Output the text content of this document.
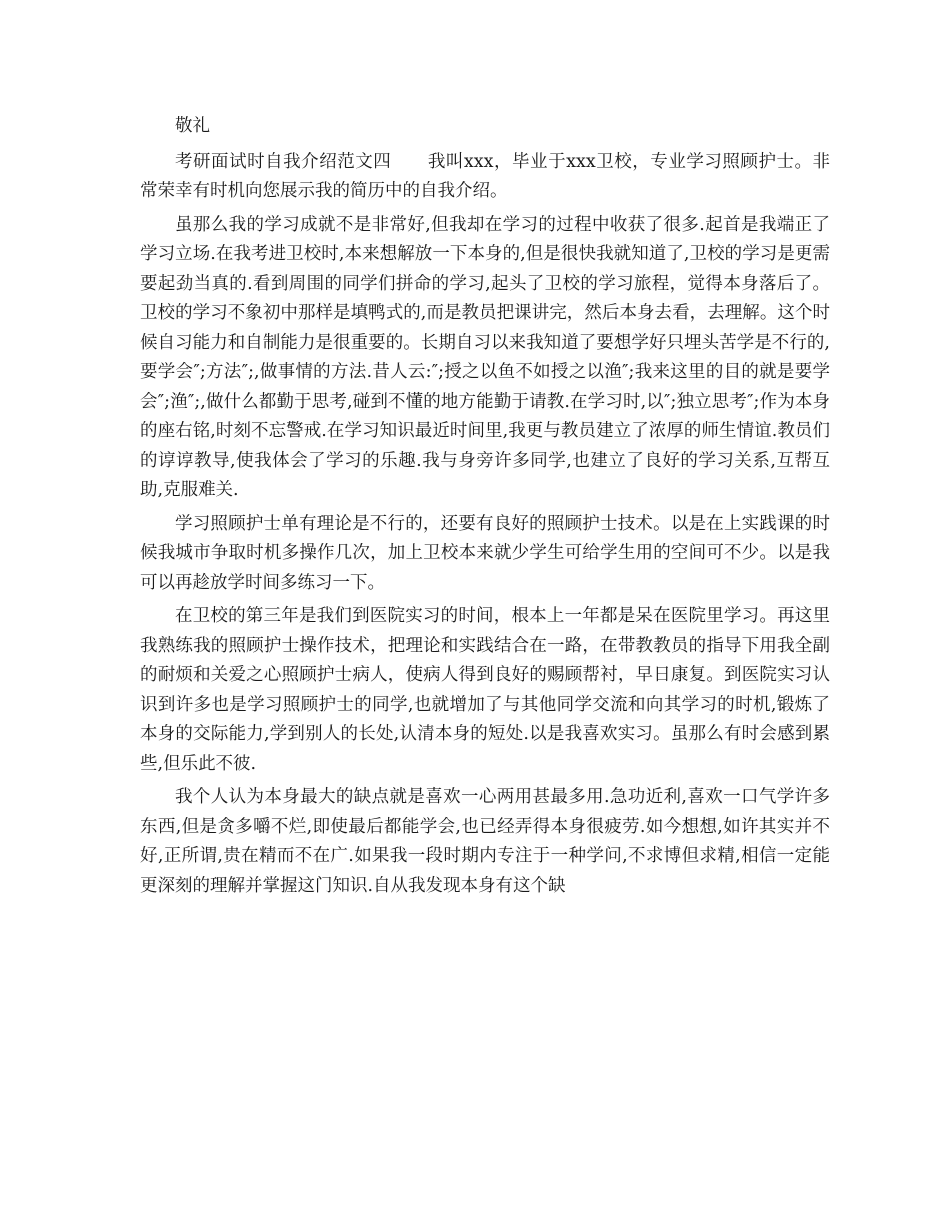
敬礼

考研面试时自我介绍范文四 我叫xxx，毕业于xxx卫校，专业学习照顾护士。非常荣幸有时机向您展示我的简历中的自我介绍。

虽那么我的学习成就不是非常好,但我却在学习的过程中收获了很多.起首是我端正了学习立场.在我考进卫校时,本来想解放一下本身的,但是很快我就知道了,卫校的学习是更需要起劲当真的.看到周围的同学们拼命的学习,起头了卫校的学习旅程，觉得本身落后了。卫校的学习不象初中那样是填鸭式的,而是教员把课讲完，然后本身去看，去理解。这个时候自习能力和自制能力是很重要的。长期自习以来我知道了要想学好只埋头苦学是不行的,要学会″;方法″;,做事情的方法.昔人云:″;授之以鱼不如授之以渔″;我来这里的目的就是要学会″;渔″;,做什么都勤于思考,碰到不懂的地方能勤于请教.在学习时,以″;独立思考″;作为本身的座右铭,时刻不忘警戒.在学习知识最近时间里,我更与教员建立了浓厚的师生情谊.教员们的谆谆教导,使我体会了学习的乐趣.我与身旁许多同学,也建立了良好的学习关系,互帮互助,克服难关.

学习照顾护士单有理论是不行的，还要有良好的照顾护士技术。以是在上实践课的时候我城市争取时机多操作几次，加上卫校本来就少学生可给学生用的空间可不少。以是我可以再趁放学时间多练习一下。

在卫校的第三年是我们到医院实习的时间，根本上一年都是呆在医院里学习。再这里我熟练我的照顾护士操作技术，把理论和实践结合在一路，在带教教员的指导下用我全副的耐烦和关爱之心照顾护士病人，使病人得到良好的赐顾帮衬，早日康复。到医院实习认识到许多也是学习照顾护士的同学,也就增加了与其他同学交流和向其学习的时机,锻炼了本身的交际能力,学到别人的长处,认清本身的短处.以是我喜欢实习。虽那么有时会感到累些,但乐此不彼.

我个人认为本身最大的缺点就是喜欢一心两用甚最多用.急功近利,喜欢一口气学许多东西,但是贪多嚼不烂,即使最后都能学会,也已经弄得本身很疲劳.如今想想,如许其实并不好,正所谓,贵在精而不在广.如果我一段时期内专注于一种学问,不求博但求精,相信一定能更深刻的理解并掌握这门知识.自从我发现本身有这个缺
